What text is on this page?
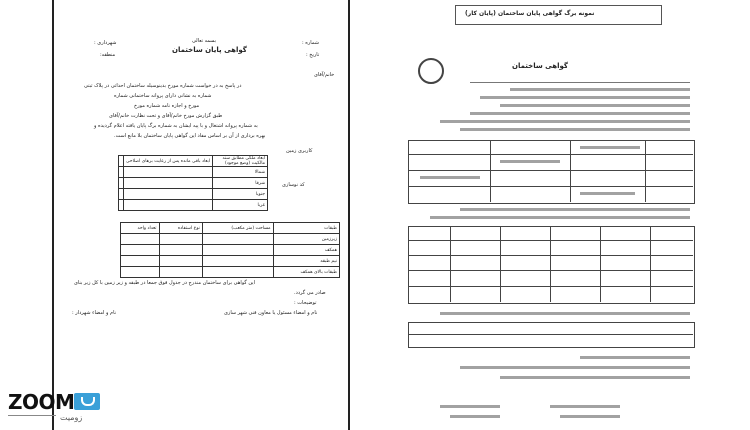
بسمه تعالی
گواهی پایان ساختمان
شماره :
تاریخ :
شهرداری :
منطقه:
خانم/آقای
در پاسخ به در خواست شماره مورخ بدینوسیله ساختمان احداثی در پلاک ثبتی
شماره به نشانی دارای پروانه ساختمانی شماره
مورخ و اجازه نامه شماره مورخ
طبق گزارش مورخ خانم/آقای و تحت نظارت خانم/آقای
به شماره پروانه اشتغال و با پیه ایشان به شماره برگ پایان یافته اعلام گردیده و
بهره برداری از آن بر اساس مفاد این گواهی پایان ساختمان بلا مانع است.
کاربری زمین
ابعاد ملکی مطابق سند مالکیت (وضع موجود)	ابعاد باقی مانده پس از رعایت برهای اصلاحی	
شمالا		
شرقا		
جنوبا		
غربا		
کد نوسازی
طبقات	مساحت (متر مکعب)	نوع استفاده	تعداد واحد
زیرزمین			
همکف			
نیم طبقه			
طبقات بالای همکف			
این گواهی برای ساختمان مندرج در جدول فوق جمعا در طبقه و زیر زمین با کل زیر بنای
صادر می گردد.
توضیحات :
نام و امضاء مسئول یا معاون فنی شهر سازی
نام و امضاء شهردار :
نمونه برگ گواهی پایان ساختمان (پایان کار)
گواهی ساختمان
ZOOM
زومیت
